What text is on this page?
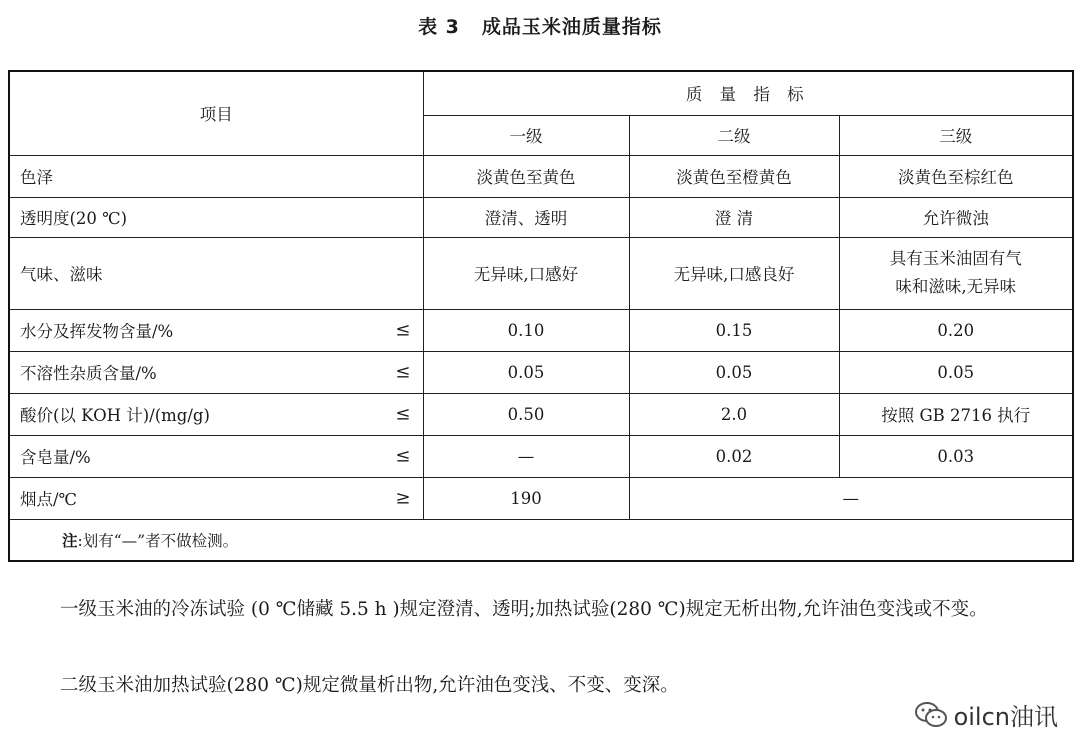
表 3 成品玉米油质量指标
项目	质 量 指 标		
	一级	二级	三级
色泽	淡黄色至黄色	淡黄色至橙黄色	淡黄色至棕红色
透明度(20 ℃)	澄清、透明	澄 清	允许微浊
气味、滋味	无异味,口感好	无异味,口感良好	具有玉米油固有气
味和滋味,无异味
水分及挥发物含量/% ≤	0.10	0.15	0.20
不溶性杂质含量/% ≤	0.05	0.05	0.05
酸价(以 KOH 计)/(mg/g) ≤	0.50	2.0	按照 GB 2716 执行
含皂量/% ≤	—	0.02	0.03
烟点/℃ ≥	190	—	
注:划有“—”者不做检测。			
一级玉米油的冷冻试验 (0 ℃储藏 5.5 h )规定澄清、透明;加热试验(280 ℃)规定无析出物,允许油色变浅或不变。
二级玉米油加热试验(280 ℃)规定微量析出物,允许油色变浅、不变、变深。
oilcn油讯
